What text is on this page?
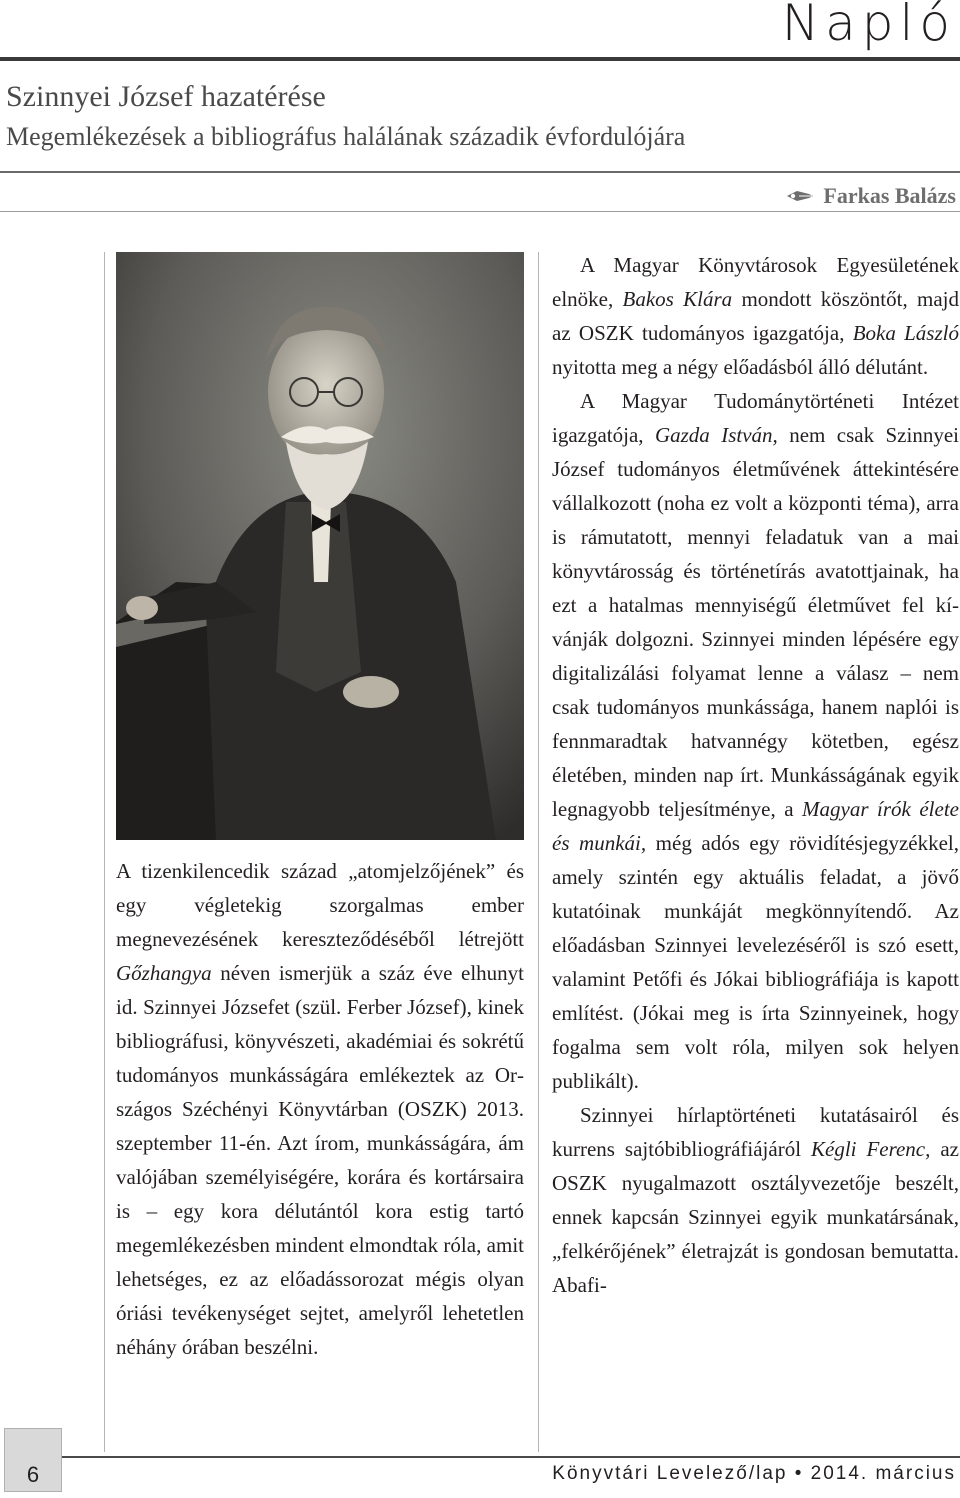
Napló
Szinnyei József hazatérése
Megemlékezések a bibliográfus halálának századik évfordulójára
Farkas Balázs

A tizenkilencedik század „atomjelzőjének” és egy végletekig szorgalmas ember megnevezésének kereszteződéséből létrejött Gőzhangya néven ismerjük a száz éve elhunyt id. Szinnyei Józsefet (szül. Ferber József), kinek bibliográfusi, könyvészeti, akadémiai és sokrétű tudományos munkásságára emlékeztek az Országos Széchényi Könyvtárban (OSZK) 2013. szeptember 11-én. Azt írom, munkásságára, ám valójában személyiségére, korára és kortársaira is – egy kora délutántól kora estig tartó megemlékezésben mindent elmondtak róla, amit lehetséges, ez az előadássorozat mégis olyan óriási tevékenységet sejtet, amelyről lehetetlen néhány órában beszélni.

A Magyar Könyvtárosok Egyesületének elnöke, Bakos Klára mondott köszöntőt, majd az OSZK tudományos igazgatója, Boka László nyitotta meg a négy előadásból álló délutánt.

A Magyar Tudománytörténeti Intézet igazgatója, Gazda István, nem csak Szinnyei József tudományos életművének áttekintésére vállalkozott (noha ez volt a központi téma), arra is rámutatott, mennyi feladatuk van a mai könyvtárosság és történetírás avatottjainak, ha ezt a hatalmas mennyiségű életművet fel kívánják dolgozni. Szinnyei minden lépésére egy digitalizálási folyamat lenne a válasz – nem csak tudományos munkássága, hanem naplói is fennmaradtak hatvannégy kötetben, egész életében, minden nap írt. Munkásságának egyik legnagyobb teljesítménye, a Magyar írók élete és munkái, még adós egy rövidítésjegyzékkel, amely szintén egy aktuális feladat, a jövő kutatóinak munkáját megkönnyítendő. Az előadásban Szinnyei levelezéséről is szó esett, valamint Petőfi és Jókai bibliográfiája is kapott említést. (Jókai meg is írta Szinnyeinek, hogy fogalma sem volt róla, milyen sok helyen publikált).

Szinnyei hírlaptörténeti kutatásairól és kurrens sajtóbibliográfiájáról Kégli Ferenc, az OSZK nyugalmazott osztályvezetője beszélt, ennek kapcsán Szinnyei egyik munkatársának, „felkérőjének” életrajzát is gondosan bemutatta. Abafi-

6	Könyvtári Levelező/lap • 2014. március
